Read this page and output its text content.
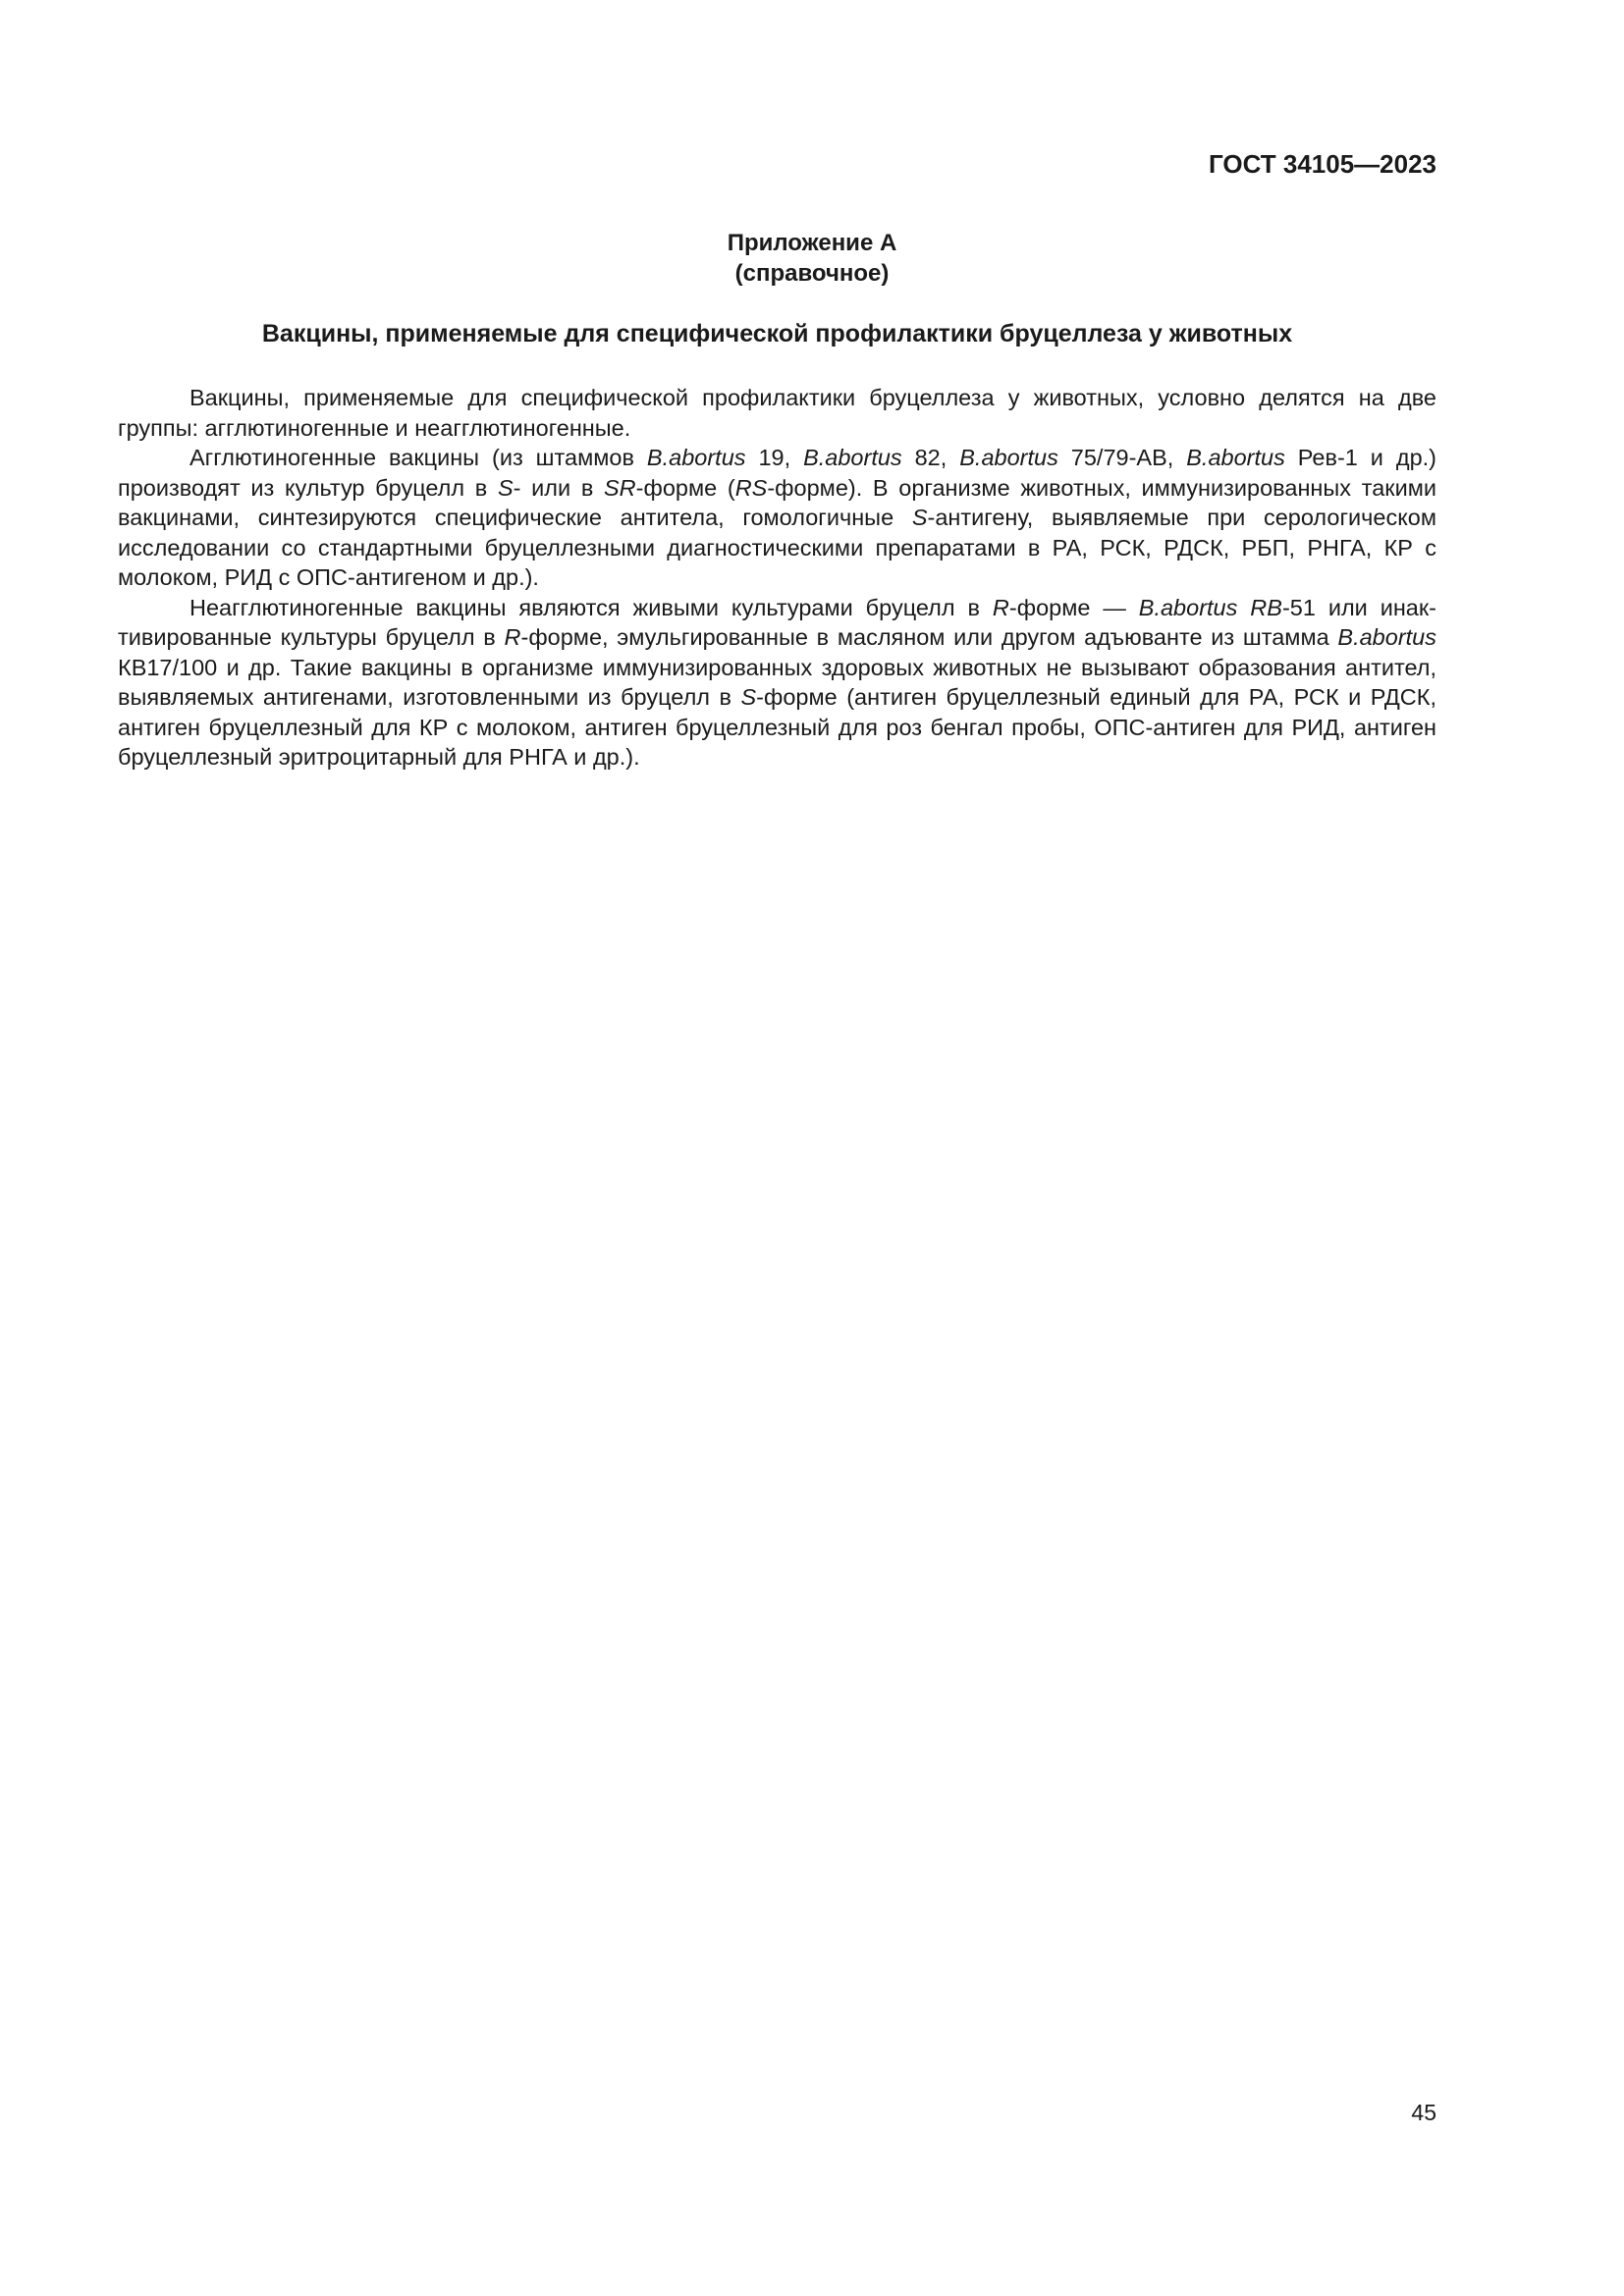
ГОСТ 34105—2023
Приложение А
(справочное)
Вакцины, применяемые для специфической профилактики бруцеллеза у животных

Вакцины, применяемые для специфической профилактики бруцеллеза у животных, условно делятся на две группы: агглютиногенные и неагглютиногенные.

Агглютиногенные вакцины (из штаммов B.abortus 19, B.abortus 82, B.abortus 75/79-АВ, B.abortus Рев-1 и др.) производят из культур бруцелл в S- или в SR-форме (RS-форме). В организме животных, иммунизированных такими вакцинами, синтезируются специфические антитела, гомологичные S-антигену, выявляемые при серологическом исследовании со стандартными бруцеллезными диагностическими препаратами в РА, РСК, РДСК, РБП, РНГА, КР с молоком, РИД с ОПС-антигеном и др.).

Неагглютиногенные вакцины являются живыми культурами бруцелл в R-форме — B.abortus RB-51 или инактивированные культуры бруцелл в R-форме, эмульгированные в масляном или другом адъюванте из штамма B.abortus КВ17/100 и др. Такие вакцины в организме иммунизированных здоровых животных не вызывают образования антител, выявляемых антигенами, изготовленными из бруцелл в S-форме (антиген бруцеллезный единый для РА, РСК и РДСК, антиген бруцеллезный для КР с молоком, антиген бруцеллезный для роз бенгал пробы, ОПС-антиген для РИД, антиген бруцеллезный эритроцитарный для РНГА и др.).

45
